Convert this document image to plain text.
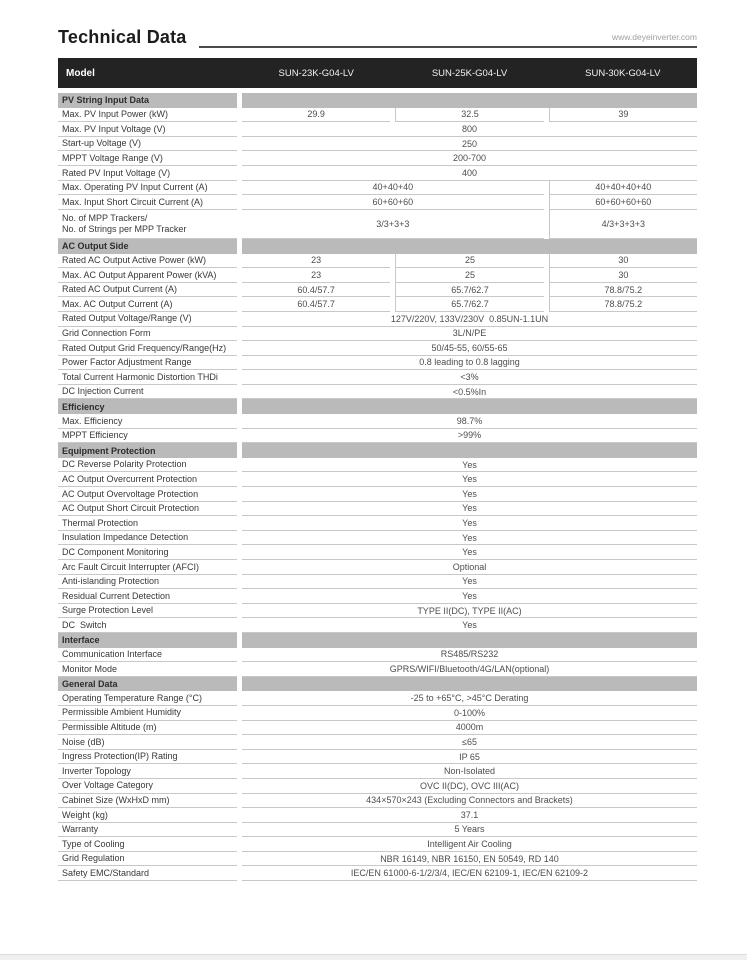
Technical Data	www.deyeinverter.com
Model	SUN-23K-G04-LV	SUN-25K-G04-LV	SUN-30K-G04-LV
PV String Input Data
Max. PV Input Power (kW)	29.9	32.5	39
Max. PV Input Voltage (V)	800
Start-up Voltage (V)	250
MPPT Voltage Range (V)	200-700
Rated PV Input Voltage (V)	400
Max. Operating PV Input Current (A)	40+40+40	40+40+40+40
Max. Input Short Circuit Current (A)	60+60+60	60+60+60+60
No. of MPP Trackers/
No. of Strings per MPP Tracker	3/3+3+3	4/3+3+3+3
AC Output Side
Rated AC Output Active Power (kW)	23	25	30
Max. AC Output Apparent Power (kVA)	23	25	30
Rated AC Output Current (A)	60.4/57.7	65.7/62.7	78.8/75.2
Max. AC Output Current (A)	60.4/57.7	65.7/62.7	78.8/75.2
Rated Output Voltage/Range (V)	127V/220V, 133V/230V  0.85UN-1.1UN
Grid Connection Form	3L/N/PE
Rated Output Grid Frequency/Range(Hz)	50/45-55, 60/55-65
Power Factor Adjustment Range	0.8 leading to 0.8 lagging
Total Current Harmonic Distortion THDi	<3%
DC Injection Current	<0.5%In
Efficiency
Max. Efficiency	98.7%
MPPT Efficiency	>99%
Equipment Protection
DC Reverse Polarity Protection	Yes
AC Output Overcurrent Protection	Yes
AC Output Overvoltage Protection	Yes
AC Output Short Circuit Protection	Yes
Thermal Protection	Yes
Insulation Impedance Detection	Yes
DC Component Monitoring	Yes
Arc Fault Circuit Interrupter (AFCI)	Optional
Anti-islanding Protection	Yes
Residual Current Detection	Yes
Surge Protection Level	TYPE II(DC), TYPE II(AC)
DC  Switch	Yes
Interface
Communication Interface	RS485/RS232
Monitor Mode	GPRS/WIFI/Bluetooth/4G/LAN(optional)
General Data
Operating Temperature Range (°C)	-25 to +65°C, >45°C Derating
Permissible Ambient Humidity	0-100%
Permissible Altitude (m)	4000m
Noise (dB)	≤65
Ingress Protection(IP) Rating	IP 65
Inverter Topology	Non-Isolated
Over Voltage Category	OVC II(DC), OVC III(AC)
Cabinet Size (WxHxD mm)	434×570×243 (Excluding Connectors and Brackets)
Weight (kg)	37.1
Warranty	5 Years
Type of Cooling	Intelligent Air Cooling
Grid Regulation	NBR 16149, NBR 16150, EN 50549, RD 140
Safety EMC/Standard	IEC/EN 61000-6-1/2/3/4, IEC/EN 62109-1, IEC/EN 62109-2
